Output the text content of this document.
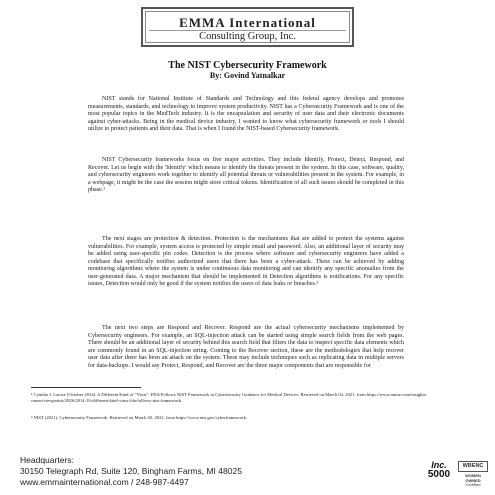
EMMA International
Consulting Group, Inc.
The NIST Cybersecurity Framework
By: Govind Yatnalkar

NIST stands for National Institute of Standards and Technology and this federal agency develops and promotes measurements, standards, and technology to improve system productivity. NIST has a Cybersecurity Framework and is one of the most popular topics in the MedTech industry. It is the encapsulation and security of user data and their electronic documents against cyber-attacks. Being in the medical device industry, I wanted to know what cybersecurity framework or tools I should utilize to protect patients and their data. That is when I found the NIST-based Cybersecurity framework.

NIST Cybersecurity frameworks focus on five major activities. They include Identify, Protect, Detect, Respond, and Recover. Let us begin with the 'Identify' which means to identify the threats present in the system. In this case, software, quality, and cybersecurity engineers work together to identify all potential threats or vulnerabilities present in the system. For example, in a webpage, it might be the case the session might store critical tokens. Identification of all such issues should be completed in this phase.¹

The next stages are protection & detection. Protection is the mechanisms that are added to protect the systems against vulnerabilities. For example, system access is protected by simple email and password. Also, an additional layer of security may be added using user-specific pin codes. Detection is the process where software and cybersecurity engineers have added a codebase that specifically notifies authorized users that there has been a cyber-attack. These can be achieved by adding monitoring algorithms where the system is under continuous data monitoring and can identify any specific anomalies from the user-generated data. A major mechanism that should be implemented in Detection algorithms is notifications. For any specific issues, Detection would only be good if the system notifies the users of data leaks or breaches.²

The next two steps are Respond and Recover. Respond are the actual cybersecurity mechanisms implemented by Cybersecurity engineers. For example, an SQL-injection attack can be started using simple search fields from the web pages. There should be an additional layer of security behind this search field that filters the data to inspect specific data elements which are commonly found in an SQL-injection string. Coming to the Recover section, these are the methodologies that help recover user data after there has been an attack on the system. These may include techniques such as replicating data in multiple servers for data-backups. I would say Protect, Respond, and Recover are the three major components that are responsible for

¹ Cynthia J. Larose (October 2014). A Different Kind of "Virus": FDA Follows NIST Framework in Cybersecurity Guidance for Medical Devices. Retrieved on March 02, 2021, from https://www.mintz.com/insights-center/viewpoints/2826/2014-10-different-kind-virus-fda-follows-nist-framework.

² NIST (2021). Cybersecurity Framework. Retrieved on March 02, 2021, from https://www.nist.gov/cyberframework.

Headquarters:
30150 Telegraph Rd, Suite 120, Bingham Farms, MI 48025
www.emmainternational.com / 248-987-4497
Inc.
5000
WBENC
WOMEN
OWNED
Certified
